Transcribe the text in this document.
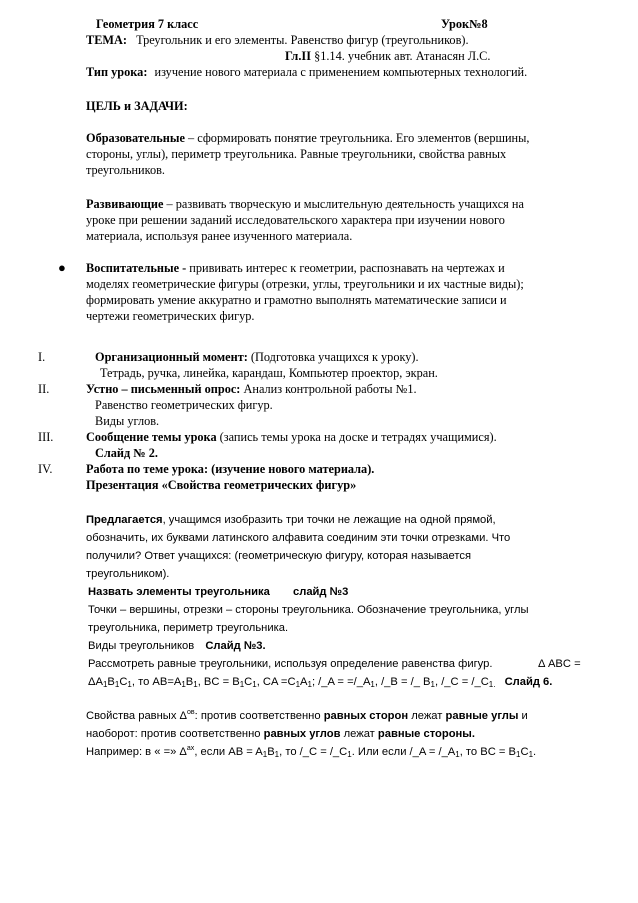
Геометрия 7 класс	Урок№8
ТЕМА: Треугольник и его элементы. Равенство фигур (треугольников).
Гл.II §1.14. учебник авт. Атанасян Л.С.
Тип урока: изучение нового материала с применением компьютерных технологий.
ЦЕЛЬ и ЗАДАЧИ:
Образовательные – сформировать понятие треугольника. Его элементов (вершины,
стороны, углы), периметр треугольника. Равные треугольники, свойства равных
треугольников.
Развивающие – развивать творческую и мыслительную деятельность учащихся на
уроке при решении заданий исследовательского характера при изучении нового
материала, используя ранее изученного материала.
● Воспитательные - прививать интерес к геометрии, распознавать на чертежах и
моделях геометрические фигуры (отрезки, углы, треугольники и их частные виды);
формировать умение аккуратно и грамотно выполнять математические записи и
чертежи геометрических фигур.
I.	Организационный момент: (Подготовка учащихся к уроку).
Тетрадь, ручка, линейка, карандаш, Компьютер проектор, экран.
II.	Устно – письменный опрос: Анализ контрольной работы №1.
Равенство геометрических фигур.
Виды углов.
III.	Сообщение темы урока (запись темы урока на доске и тетрадях учащимися).
Слайд № 2.
IV.	Работа по теме урока: (изучение нового материала).
Презентация «Свойства геометрических фигур»
Предлагается, учащимся изобразить три точки не лежащие на одной прямой,
обозначить, их буквами латинского алфавита соединим эти точки отрезками. Что
получили? Ответ учащихся: (геометрическую фигуру, которая называется
треугольником).
Назвать элементы треугольника слайд №3
Точки – вершины, отрезки – стороны треугольника. Обозначение треугольника, углы
треугольника, периметр треугольника.
Виды треугольников Слайд №3.
Рассмотреть равные треугольники, используя определение равенства фигур.	Δ ABC =
$\Delta A_1B_1C_1$, то $AB=A_1B_1$, BC = $B_1C_1$, CA $=C_1A_1$; /_A = $=/\_A_1$, /_B = /_ $B_1$, /_C = $/\_C_{1.}$ Слайд 6.
Свойства равных $\Delta^{ов}$: против соответственно равных сторон лежат равные углы и
наоборот: против соответственно равных углов лежат равные стороны.
Например: в « =» $\Delta^{ах}$, если AB = $A_1B_1$, то /_C = $/\_C_1$. Или если /_A = $/\_A_1$, то BC = $B_1C_1$.
